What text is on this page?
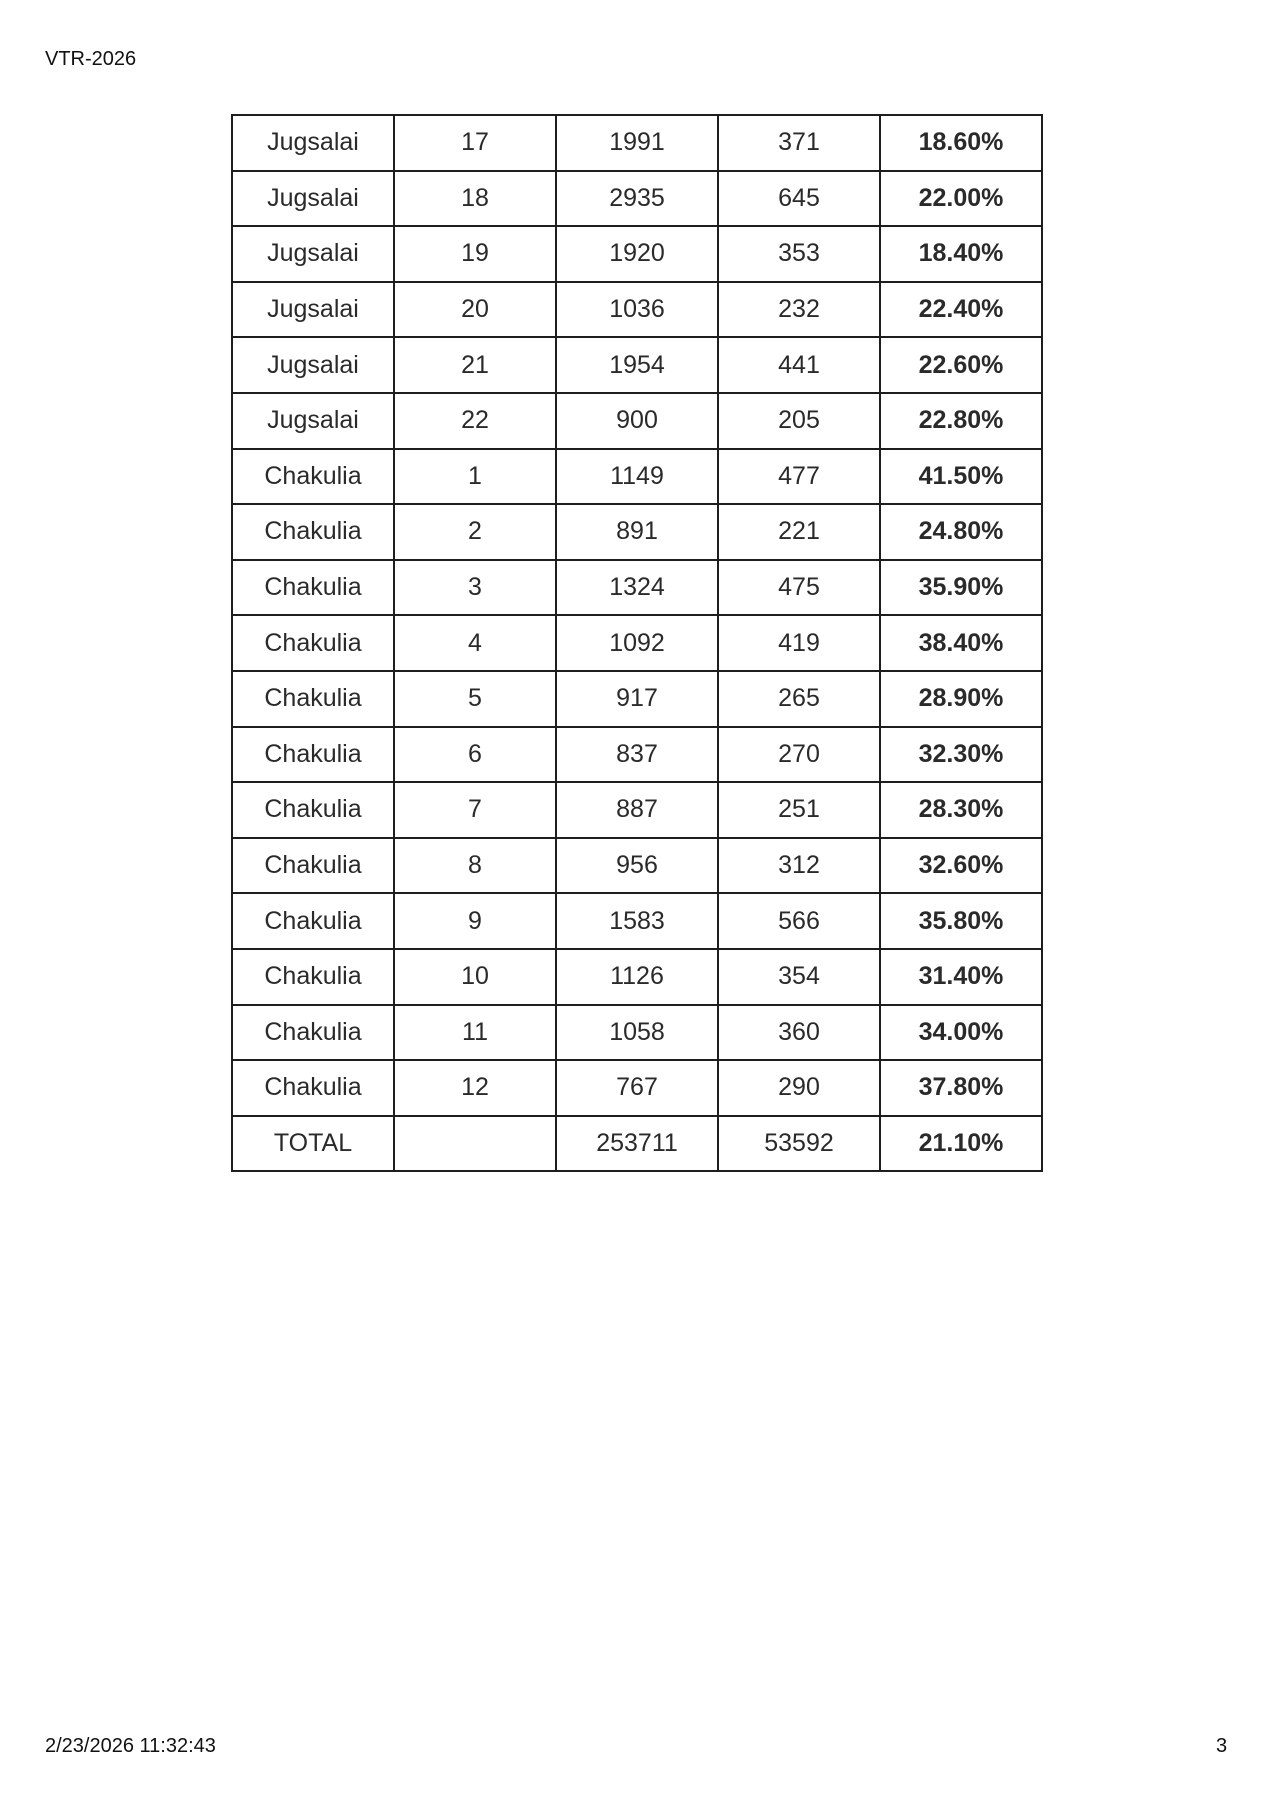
VTR-2026
Jugsalai	17	1991	371	18.60%
Jugsalai	18	2935	645	22.00%
Jugsalai	19	1920	353	18.40%
Jugsalai	20	1036	232	22.40%
Jugsalai	21	1954	441	22.60%
Jugsalai	22	900	205	22.80%
Chakulia	1	1149	477	41.50%
Chakulia	2	891	221	24.80%
Chakulia	3	1324	475	35.90%
Chakulia	4	1092	419	38.40%
Chakulia	5	917	265	28.90%
Chakulia	6	837	270	32.30%
Chakulia	7	887	251	28.30%
Chakulia	8	956	312	32.60%
Chakulia	9	1583	566	35.80%
Chakulia	10	1126	354	31.40%
Chakulia	11	1058	360	34.00%
Chakulia	12	767	290	37.80%
TOTAL		253711	53592	21.10%
2/23/2026 11:32:43	3
